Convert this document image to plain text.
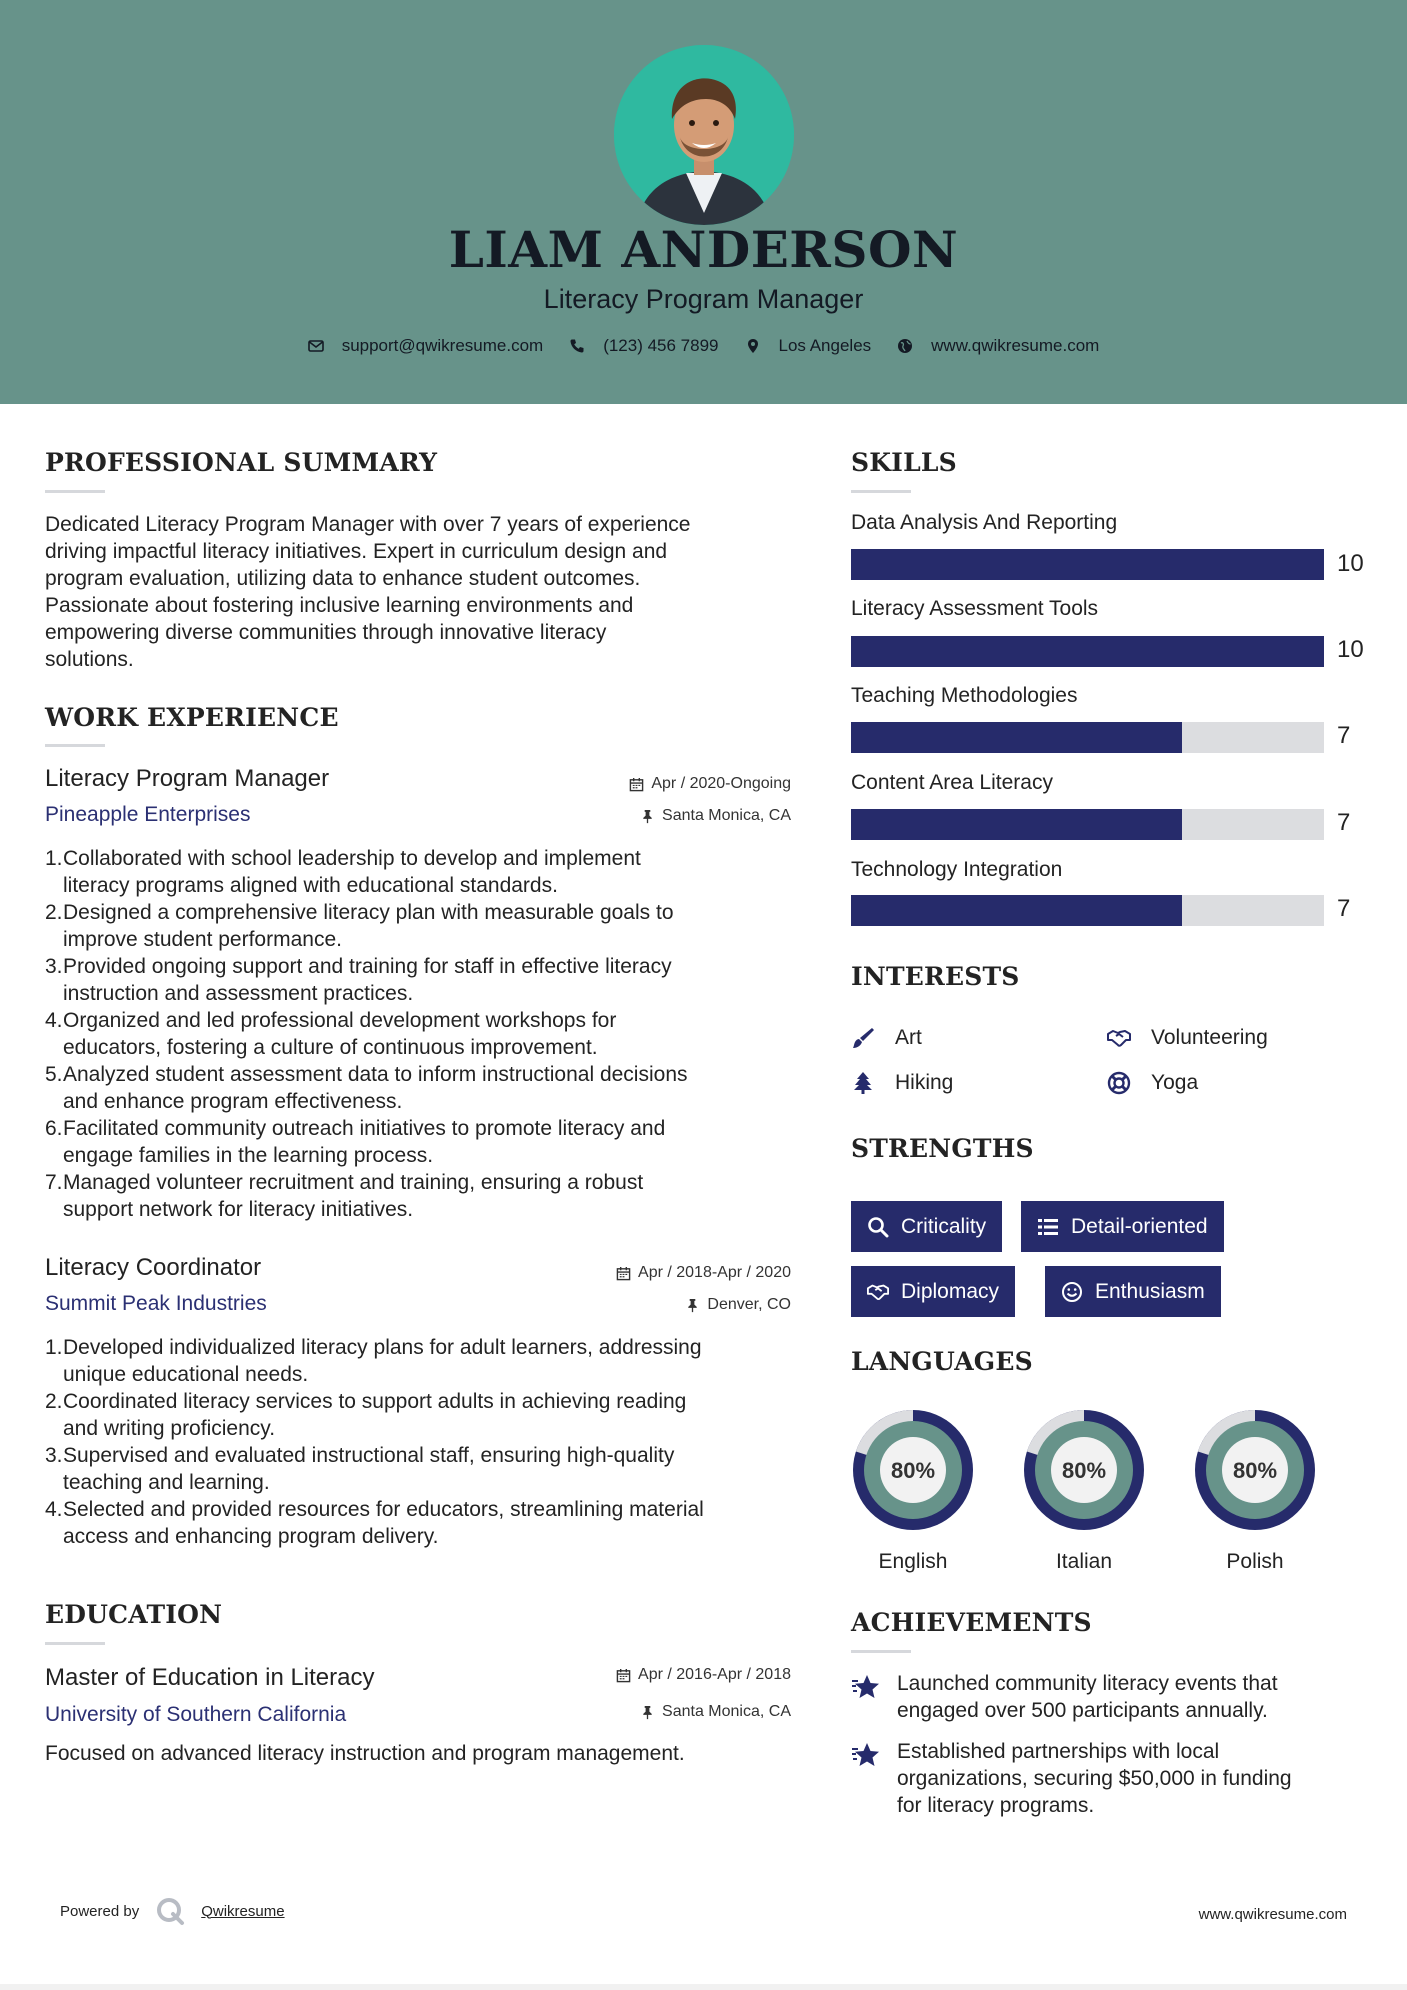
LIAM ANDERSON
Literacy Program Manager
support@qwikresume.com	(123) 456 7899	Los Angeles	www.qwikresume.com
PROFESSIONAL SUMMARY
Dedicated Literacy Program Manager with over 7 years of experience
driving impactful literacy initiatives. Expert in curriculum design and
program evaluation, utilizing data to enhance student outcomes.
Passionate about fostering inclusive learning environments and
empowering diverse communities through innovative literacy
solutions.
WORK EXPERIENCE
Literacy Program Manager	Apr / 2020-Ongoing
Pineapple Enterprises	Santa Monica, CA
1. Collaborated with school leadership to develop and implement
literacy programs aligned with educational standards.
2. Designed a comprehensive literacy plan with measurable goals to
improve student performance.
3. Provided ongoing support and training for staff in effective literacy
instruction and assessment practices.
4. Organized and led professional development workshops for
educators, fostering a culture of continuous improvement.
5. Analyzed student assessment data to inform instructional decisions
and enhance program effectiveness.
6. Facilitated community outreach initiatives to promote literacy and
engage families in the learning process.
7. Managed volunteer recruitment and training, ensuring a robust
support network for literacy initiatives.
Literacy Coordinator	Apr / 2018-Apr / 2020
Summit Peak Industries	Denver, CO
1. Developed individualized literacy plans for adult learners, addressing
unique educational needs.
2. Coordinated literacy services to support adults in achieving reading
and writing proficiency.
3. Supervised and evaluated instructional staff, ensuring high-quality
teaching and learning.
4. Selected and provided resources for educators, streamlining material
access and enhancing program delivery.
EDUCATION
Master of Education in Literacy	Apr / 2016-Apr / 2018
University of Southern California	Santa Monica, CA
Focused on advanced literacy instruction and program management.
SKILLS
Data Analysis And Reporting
10
Literacy Assessment Tools
10
Teaching Methodologies
7
Content Area Literacy
7
Technology Integration
7
INTERESTS
Art	Volunteering
Hiking	Yoga
STRENGTHS
Criticality	Detail-oriented
Diplomacy	Enthusiasm
LANGUAGES
80%
English
80%
Italian
80%
Polish
ACHIEVEMENTS
Launched community literacy events that
engaged over 500 participants annually.
Established partnerships with local
organizations, securing $50,000 in funding
for literacy programs.
Powered by	Qwikresume	www.qwikresume.com
